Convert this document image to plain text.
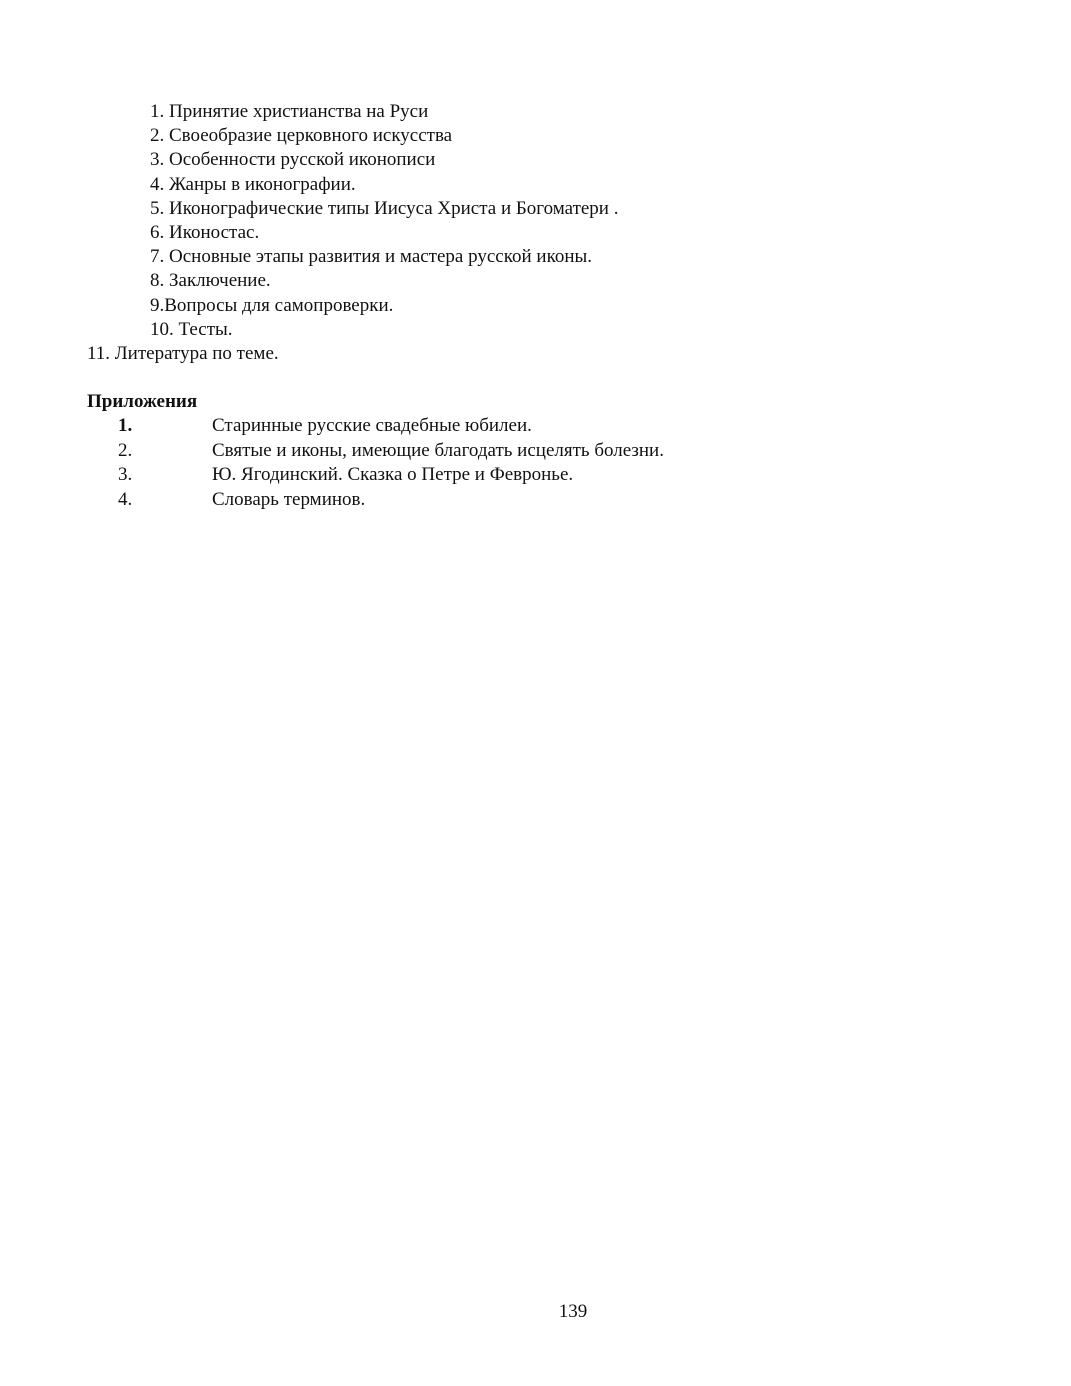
1. Принятие христианства на Руси
2. Своеобразие церковного искусства
3. Особенности русской иконописи
4. Жанры в иконографии.
5. Иконографические типы Иисуса Христа и Богоматери .
6. Иконостас.
7. Основные этапы развития и мастера русской иконы.
8. Заключение.
9.Вопросы для самопроверки.
10. Тесты.
11. Литература по теме.
Приложения
1.	Старинные русские свадебные юбилеи.
2.	Святые и иконы, имеющие благодать исцелять болезни.
3.	Ю. Ягодинский. Сказка о Петре и Февронье.
4.	Словарь терминов.
139
